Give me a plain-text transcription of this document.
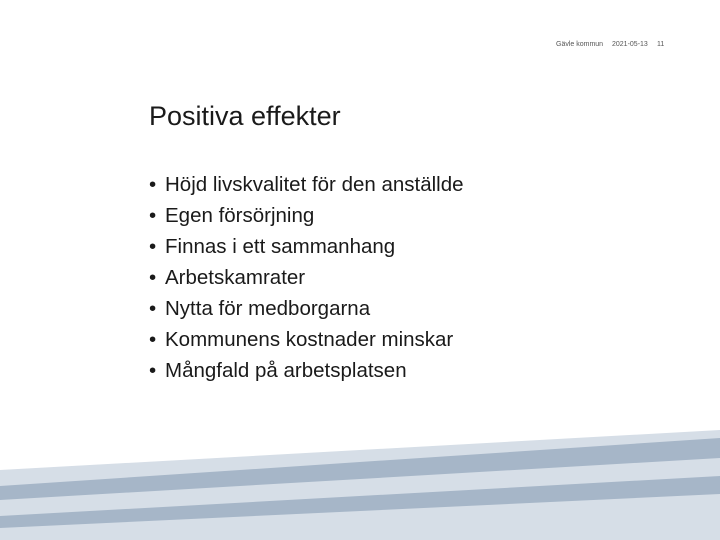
Gävle kommun 2021-05-13 11
Positiva effekter
• Höjd livskvalitet för den anställde
• Egen försörjning
• Finnas i ett sammanhang
• Arbetskamrater
• Nytta för medborgarna
• Kommunens kostnader minskar
• Mångfald på arbetsplatsen
